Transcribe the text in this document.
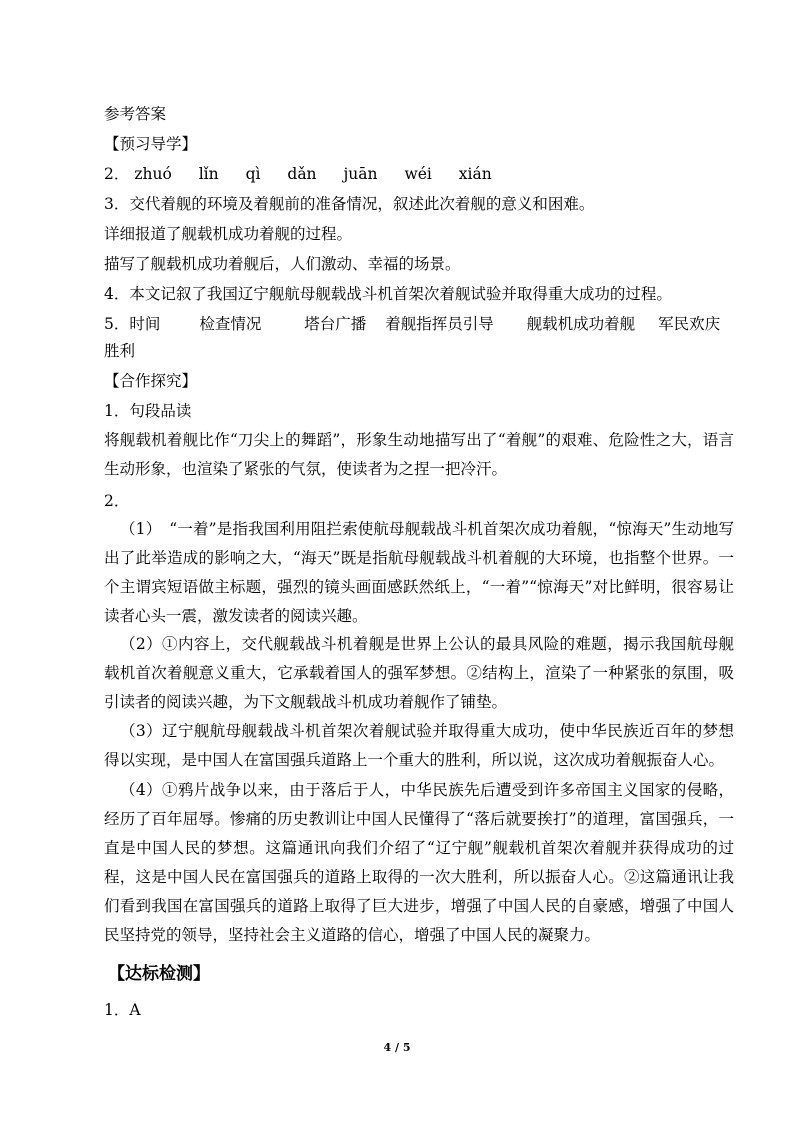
参考答案
【预习导学】
2． zhuó lǐn qì dǎn juān wéi xián
3．交代着舰的环境及着舰前的准备情况，叙述此次着舰的意义和困难。
详细报道了舰载机成功着舰的过程。
描写了舰载机成功着舰后，人们激动、幸福的场景。
4．本文记叙了我国辽宁舰航母舰载战斗机首架次着舰试验并取得重大成功的过程。
5．时间	检查情况	塔台广播 着舰指挥员引导 舰载机成功着舰 军民欢庆
胜利
【合作探究】
1．句段品读
将舰载机着舰比作“刀尖上的舞蹈”，形象生动地描写出了“着舰”的艰难、危险性之大，语言生动形象，也渲染了紧张的气氛，使读者为之捏一把冷汗。
2．
（1）　“一着”是指我国利用阻拦索使航母舰载战斗机首架次成功着舰，“惊海天”生动地写出了此举造成的影响之大，“海天”既是指航母舰载战斗机着舰的大环境，也指整个世界。一个主谓宾短语做主标题，强烈的镜头画面感跃然纸上，“一着”“惊海天”对比鲜明，很容易让读者心头一震，激发读者的阅读兴趣。
（2）①内容上，交代舰载战斗机着舰是世界上公认的最具风险的难题，揭示我国航母舰载机首次着舰意义重大，它承载着国人的强军梦想。②结构上，渲染了一种紧张的氛围，吸引读者的阅读兴趣，为下文舰载战斗机成功着舰作了铺垫。
（3）辽宁舰航母舰载战斗机首架次着舰试验并取得重大成功，使中华民族近百年的梦想得以实现，是中国人在富国强兵道路上一个重大的胜利，所以说，这次成功着舰振奋人心。
（4）①鸦片战争以来，由于落后于人，中华民族先后遭受到许多帝国主义国家的侵略，经历了百年屈辱。惨痛的历史教训让中国人民懂得了“落后就要挨打”的道理，富国强兵，一直是中国人民的梦想。这篇通讯向我们介绍了“辽宁舰”舰载机首架次着舰并获得成功的过程，这是中国人民在富国强兵的道路上取得的一次大胜利，所以振奋人心。②这篇通讯让我们看到我国在富国强兵的道路上取得了巨大进步，增强了中国人民的自豪感，增强了中国人民坚持党的领导，坚持社会主义道路的信心，增强了中国人民的凝聚力。
【达标检测】
1．A
4 / 5
